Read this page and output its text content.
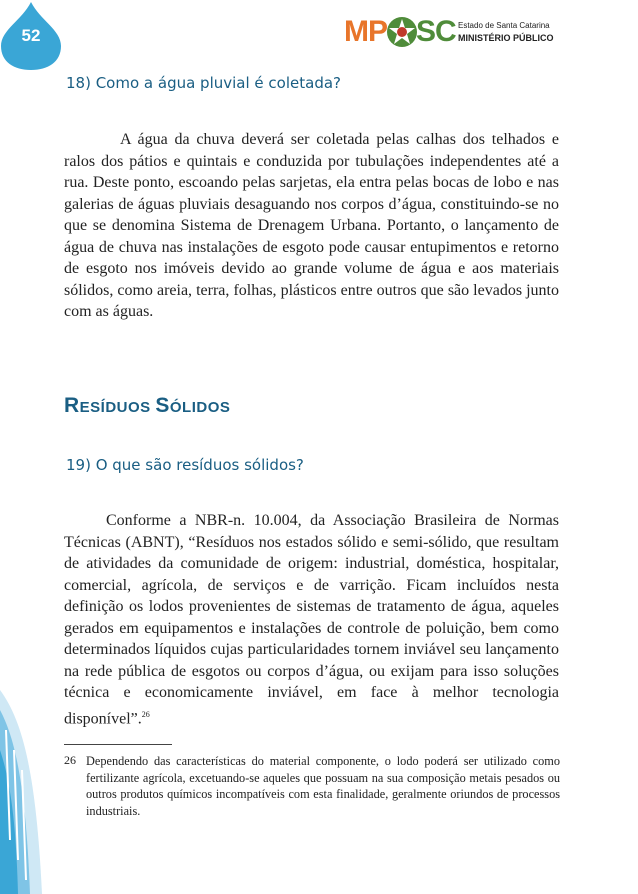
52	MP SC Estado de Santa Catarina
MINISTÉRIO PÚBLICO
18) Como a água pluvial é coletada?

A água da chuva deverá ser coletada pelas calhas dos telhados e ralos dos pátios e quintais e conduzida por tubulações independentes até a rua. Deste ponto, escoando pelas sarjetas, ela entra pelas bocas de lobo e nas galerias de águas pluviais desaguando nos corpos d’água, constituindo-se no que se denomina Sistema de Drenagem Urbana. Portanto, o lançamento de água de chuva nas instalações de esgoto pode causar entupimentos e retorno de esgoto nos imóveis devido ao grande volume de água e aos materiais sólidos, como areia, terra, folhas, plásticos entre outros que são levados junto com as águas.

RESÍDUOS SÓLIDOS
19) O que são resíduos sólidos?

Conforme a NBR-n. 10.004, da Associação Brasileira de Normas Técnicas (ABNT), “Resíduos nos estados sólido e semi-sólido, que resultam de atividades da comunidade de origem: industrial, doméstica, hospitalar, comercial, agrícola, de serviços e de varrição. Ficam incluídos nesta definição os lodos provenientes de sistemas de tratamento de água, aqueles gerados em equipamentos e instalações de controle de poluição, bem como determinados líquidos cujas particularidades tornem inviável seu lançamento na rede pública de esgotos ou corpos d’água, ou exijam para isso soluções técnica e economicamente inviável, em face à melhor tecnologia disponível”.$^{26}$

26 Dependendo das características do material componente, o lodo poderá ser utilizado como fertilizante agrícola, excetuando-se aqueles que possuam na sua composição metais pesados ou outros produtos químicos incompatíveis com esta finalidade, geralmente oriundos de processos industriais.
